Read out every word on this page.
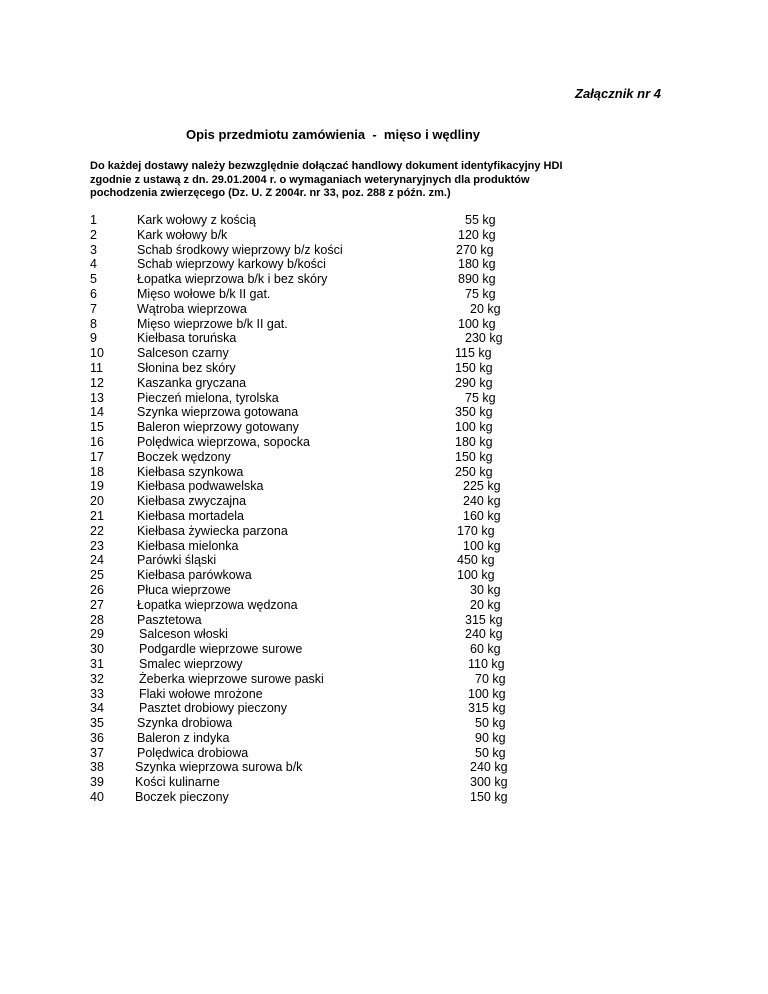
Załącznik nr 4
Opis przedmiotu zamówienia  -  mięso i wędliny
Do każdej dostawy należy bezwzględnie dołączać handlowy dokument identyfikacyjny HDI
zgodnie z ustawą z dn. 29.01.2004 r. o wymaganiach weterynaryjnych dla produktów
pochodzenia zwierzęcego (Dz. U. Z 2004r. nr 33, poz. 288 z późn. zm.)
1	Kark wołowy z kością	55 kg
2	Kark wołowy b/k	120 kg
3	Schab środkowy wieprzowy b/z kości	270 kg
4	Schab wieprzowy karkowy b/kości	180 kg
5	Łopatka wieprzowa b/k i bez skóry	890 kg
6	Mięso wołowe b/k II gat.	75 kg
7	Wątroba wieprzowa	20 kg
8	Mięso wieprzowe b/k II gat.	100 kg
9	Kiełbasa toruńska	230 kg
10	Salceson czarny	115 kg
11	Słonina bez skóry	150 kg
12	Kaszanka gryczana	290 kg
13	Pieczeń mielona, tyrolska	75 kg
14	Szynka wieprzowa gotowana	350 kg
15	Baleron wieprzowy gotowany	100 kg
16	Polędwica wieprzowa, sopocka	180 kg
17	Boczek wędzony	150 kg
18	Kiełbasa szynkowa	250 kg
19	Kiełbasa podwawelska	225 kg
20	Kiełbasa zwyczajna	240 kg
21	Kiełbasa mortadela	160 kg
22	Kiełbasa żywiecka parzona	170 kg
23	Kiełbasa mielonka	100 kg
24	Parówki śląski	450 kg
25	Kiełbasa parówkowa	100 kg
26	Płuca wieprzowe	30 kg
27	Łopatka wieprzowa wędzona	20 kg
28	Pasztetowa	315 kg
29	Salceson włoski	240 kg
30	Podgardle wieprzowe surowe	60 kg
31	Smalec wieprzowy	110 kg
32	Żeberka wieprzowe surowe paski	70 kg
33	Flaki wołowe mrożone	100 kg
34	Pasztet drobiowy pieczony	315 kg
35	Szynka drobiowa	50 kg
36	Baleron z indyka	90 kg
37	Polędwica drobiowa	50 kg
38 Szynka wieprzowa surowa b/k	240 kg
39 Kości kulinarne	300 kg
40 Boczek pieczony	150 kg
